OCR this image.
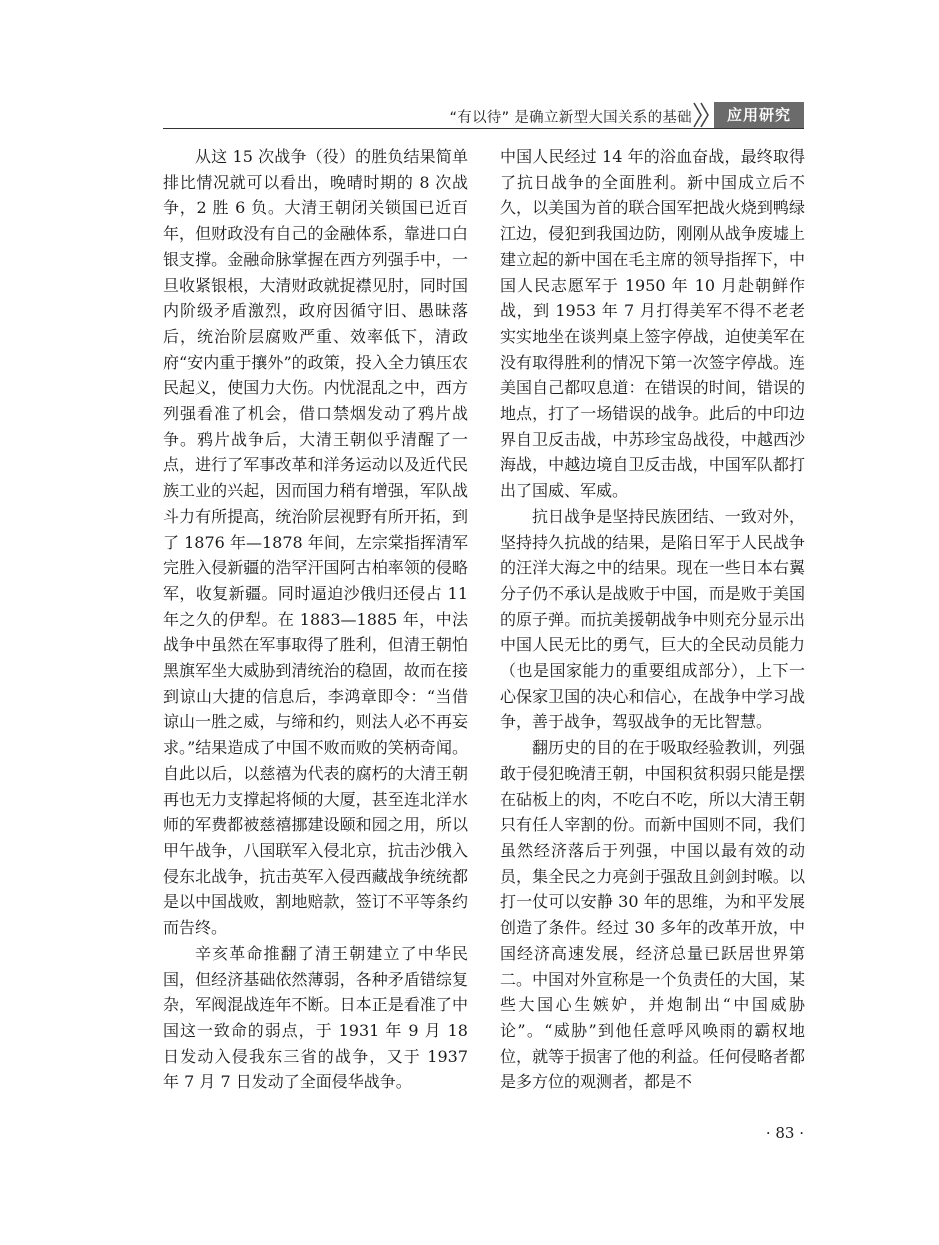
“有以待” 是确立新型大国关系的基础	应用研究

从这 15 次战争（役）的胜负结果简单排比情况就可以看出，晚晴时期的 8 次战争，2 胜 6 负。大清王朝闭关锁国已近百年，但财政没有自己的金融体系，靠进口白银支撑。金融命脉掌握在西方列强手中，一旦收紧银根，大清财政就捉襟见肘，同时国内阶级矛盾激烈，政府因循守旧、愚昧落后，统治阶层腐败严重、效率低下，清政府“安内重于攘外”的政策，投入全力镇压农民起义，使国力大伤。内忧混乱之中，西方列强看准了机会，借口禁烟发动了鸦片战争。鸦片战争后，大清王朝似乎清醒了一点，进行了军事改革和洋务运动以及近代民族工业的兴起，因而国力稍有增强，军队战斗力有所提高，统治阶层视野有所开拓，到了 1876 年—1878 年间，左宗棠指挥清军完胜入侵新疆的浩罕汗国阿古柏率领的侵略军，收复新疆。同时逼迫沙俄归还侵占 11 年之久的伊犁。在 1883—1885 年，中法战争中虽然在军事取得了胜利，但清王朝怕黑旗军坐大威胁到清统治的稳固，故而在接到谅山大捷的信息后，李鸿章即令：“当借谅山一胜之威，与缔和约，则法人必不再妄求。”结果造成了中国不败而败的笑柄奇闻。自此以后，以慈禧为代表的腐朽的大清王朝再也无力支撑起将倾的大厦，甚至连北洋水师的军费都被慈禧挪建设颐和园之用，所以甲午战争，八国联军入侵北京，抗击沙俄入侵东北战争，抗击英军入侵西藏战争统统都是以中国战败，割地赔款，签订不平等条约而告终。

辛亥革命推翻了清王朝建立了中华民国，但经济基础依然薄弱，各种矛盾错综复杂，军阀混战连年不断。日本正是看准了中国这一致命的弱点，于 1931 年 9 月 18 日发动入侵我东三省的战争，又于 1937 年 7 月 7 日发动了全面侵华战争。

中国人民经过 14 年的浴血奋战，最终取得了抗日战争的全面胜利。新中国成立后不久，以美国为首的联合国军把战火烧到鸭绿江边，侵犯到我国边防，刚刚从战争废墟上建立起的新中国在毛主席的领导指挥下，中国人民志愿军于 1950 年 10 月赴朝鲜作战，到 1953 年 7 月打得美军不得不老老实实地坐在谈判桌上签字停战，迫使美军在没有取得胜利的情况下第一次签字停战。连美国自己都叹息道：在错误的时间，错误的地点，打了一场错误的战争。此后的中印边界自卫反击战，中苏珍宝岛战役，中越西沙海战，中越边境自卫反击战，中国军队都打出了国威、军威。

抗日战争是坚持民族团结、一致对外，坚持持久抗战的结果，是陷日军于人民战争的汪洋大海之中的结果。现在一些日本右翼分子仍不承认是战败于中国，而是败于美国的原子弹。而抗美援朝战争中则充分显示出中国人民无比的勇气，巨大的全民动员能力（也是国家能力的重要组成部分），上下一心保家卫国的决心和信心，在战争中学习战争，善于战争，驾驭战争的无比智慧。

翻历史的目的在于吸取经验教训，列强敢于侵犯晚清王朝，中国积贫积弱只能是摆在砧板上的肉，不吃白不吃，所以大清王朝只有任人宰割的份。而新中国则不同，我们虽然经济落后于列强，中国以最有效的动员，集全民之力亮剑于强敌且剑剑封喉。以打一仗可以安静 30 年的思维，为和平发展创造了条件。经过 30 多年的改革开放，中国经济高速发展，经济总量已跃居世界第二。中国对外宣称是一个负责任的大国，某些大国心生嫉妒，并炮制出“中国威胁论”。“威胁”到他任意呼风唤雨的霸权地位，就等于损害了他的利益。任何侵略者都是多方位的观测者，都是不

· 83 ·
